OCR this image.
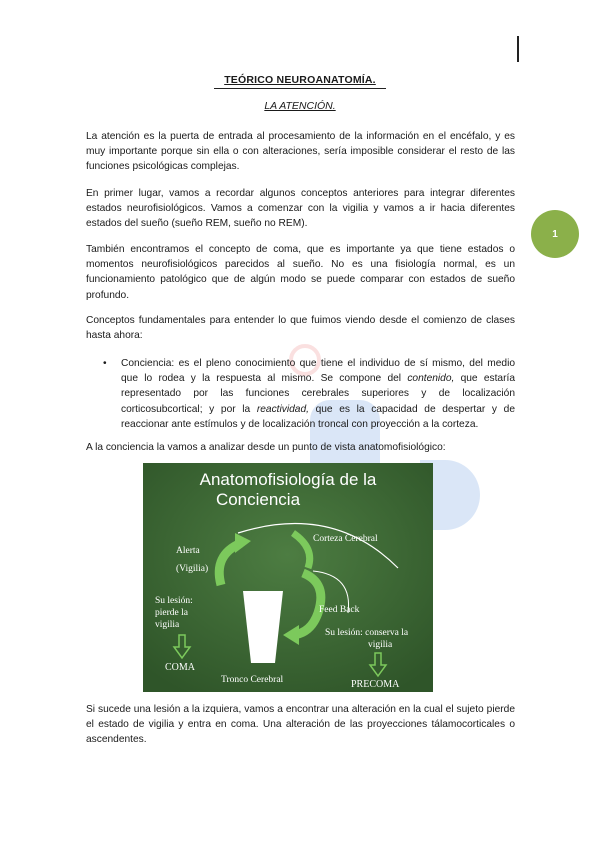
TEÓRICO NEUROANATOMÍA.
LA ATENCIÓN.
1

La atención es la puerta de entrada al procesamiento de la información en el encéfalo, y es muy importante porque sin ella o con alteraciones, sería imposible considerar el resto de las funciones psicológicas complejas.

En primer lugar, vamos a recordar algunos conceptos anteriores para integrar diferentes estados neurofisiológicos. Vamos a comenzar con la vigilia y vamos a ir hacia diferentes estados del sueño (sueño REM, sueño no REM).

También encontramos el concepto de coma, que es importante ya que tiene estados o momentos neurofisiológicos parecidos al sueño. No es una fisiología normal, es un funcionamiento patológico que de algún modo se puede comparar con estados de sueño profundo.

Conceptos fundamentales para entender lo que fuimos viendo desde el comienzo de clases hasta ahora:

•	Conciencia: es el pleno conocimiento que tiene el individuo de sí mismo, del medio que lo rodea y la respuesta al mismo. Se compone del contenido, que estaría representado por las funciones cerebrales superiores y de localización corticosubcortical; y por la reactividad, que es la capacidad de despertar y de reaccionar ante estímulos y de localización troncal con proyección a la corteza.

A la conciencia la vamos a analizar desde un punto de vista anatomofisiológico:

Anatomofisiología de la
Conciencia
Alerta
(Vigilia)
Corteza Cerebral
Su lesión:
pierde la
vigilia
Feed Back
Su lesión: conserva la
vigilia
COMA
Tronco Cerebral	PRECOMA

Si sucede una lesión a la izquiera, vamos a encontrar una alteración en la cual el sujeto pierde el estado de vigilia y entra en coma. Una alteración de las proyecciones tálamocorticales o ascendentes.
